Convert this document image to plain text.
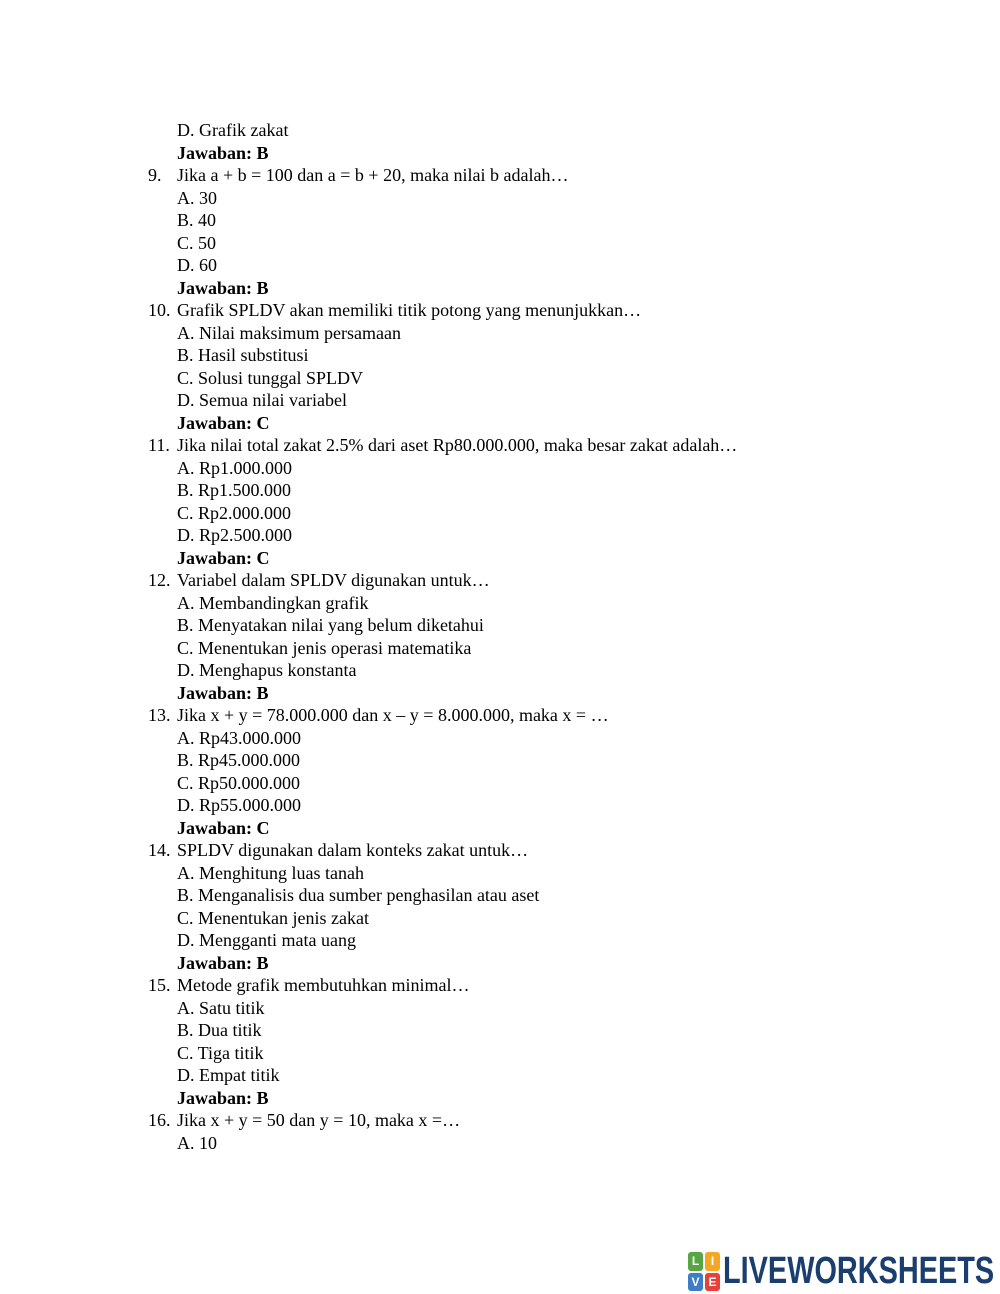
D. Grafik zakat
Jawaban: B
9. Jika a + b = 100 dan a = b + 20, maka nilai b adalah…
A. 30
B. 40
C. 50
D. 60
Jawaban: B
10. Grafik SPLDV akan memiliki titik potong yang menunjukkan…
A. Nilai maksimum persamaan
B. Hasil substitusi
C. Solusi tunggal SPLDV
D. Semua nilai variabel
Jawaban: C
11. Jika nilai total zakat 2.5% dari aset Rp80.000.000, maka besar zakat adalah…
A. Rp1.000.000
B. Rp1.500.000
C. Rp2.000.000
D. Rp2.500.000
Jawaban: C
12. Variabel dalam SPLDV digunakan untuk…
A. Membandingkan grafik
B. Menyatakan nilai yang belum diketahui
C. Menentukan jenis operasi matematika
D. Menghapus konstanta
Jawaban: B
13. Jika x + y = 78.000.000 dan x – y = 8.000.000, maka x = …
A. Rp43.000.000
B. Rp45.000.000
C. Rp50.000.000
D. Rp55.000.000
Jawaban: C
14. SPLDV digunakan dalam konteks zakat untuk…
A. Menghitung luas tanah
B. Menganalisis dua sumber penghasilan atau aset
C. Menentukan jenis zakat
D. Mengganti mata uang
Jawaban: B
15. Metode grafik membutuhkan minimal…
A. Satu titik
B. Dua titik
C. Tiga titik
D. Empat titik
Jawaban: B
16. Jika x + y = 50 dan y = 10, maka x =…
A. 10
L I
V E LIVEWORKSHEETS
